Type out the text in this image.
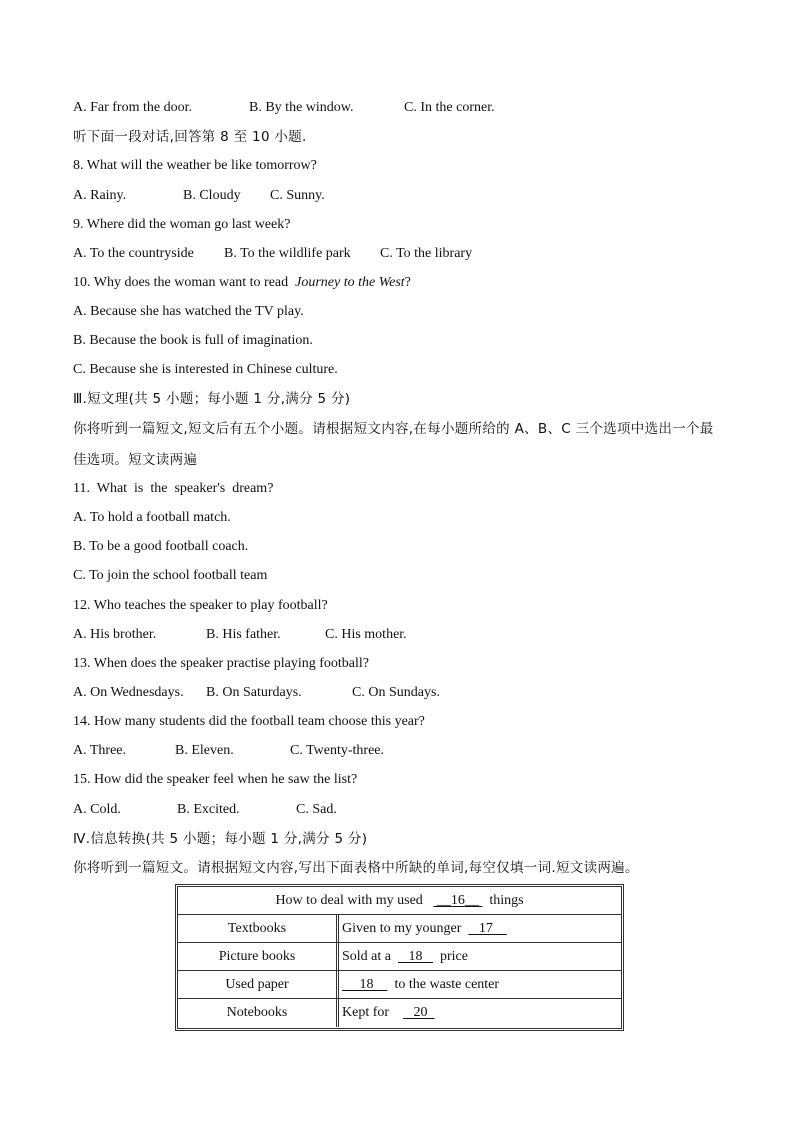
A. Far from the door.	B. By the window.	C. In the corner.
听下面一段对话,回答第 8 至 10 小题.
8. What will the weather be like tomorrow?
A. Rainy.	B. Cloudy C. Sunny.
9. Where did the woman go last week?
A. To the countryside B. To the wildlife park C. To the library
10. Why does the woman want to read Journey to the West?
A. Because she has watched the TV play.
B. Because the book is full of imagination.
C. Because she is interested in Chinese culture.
Ⅲ.短文理(共 5 小题；每小题 1 分,满分 5 分)
你将听到一篇短文,短文后有五个小题。请根据短文内容,在每小题所给的 A、B、C 三个选项中选出一个最
佳选项。短文读两遍
11.  What  is  the  speaker's  dream?
A. To hold a football match.
B. To be a good football coach.
C. To join the school football team
12. Who teaches the speaker to play football?
A. His brother.	B. His father.	C. His mother.
13. When does the speaker practise playing football?
A. On Wednesdays. B. On Saturdays.	C. On Sundays.
14. How many students did the football team choose this year?
A. Three.	B. Eleven.	C. Twenty-three.
15. How did the speaker feel when he saw the list?
A. Cold.	B. Excited.	C. Sad.
Ⅳ.信息转换(共 5 小题；每小题 1 分,满分 5 分)
你将听到一篇短文。请根据短文内容,写出下面表格中所缺的单词,每空仅填一词.短文读两遍。
How to deal with my used    __16__   things
Textbooks	Given to my younger 17
Picture books	Sold at a 18 price
Used paper	18 to the waste center
Notebooks	Kept for 20
